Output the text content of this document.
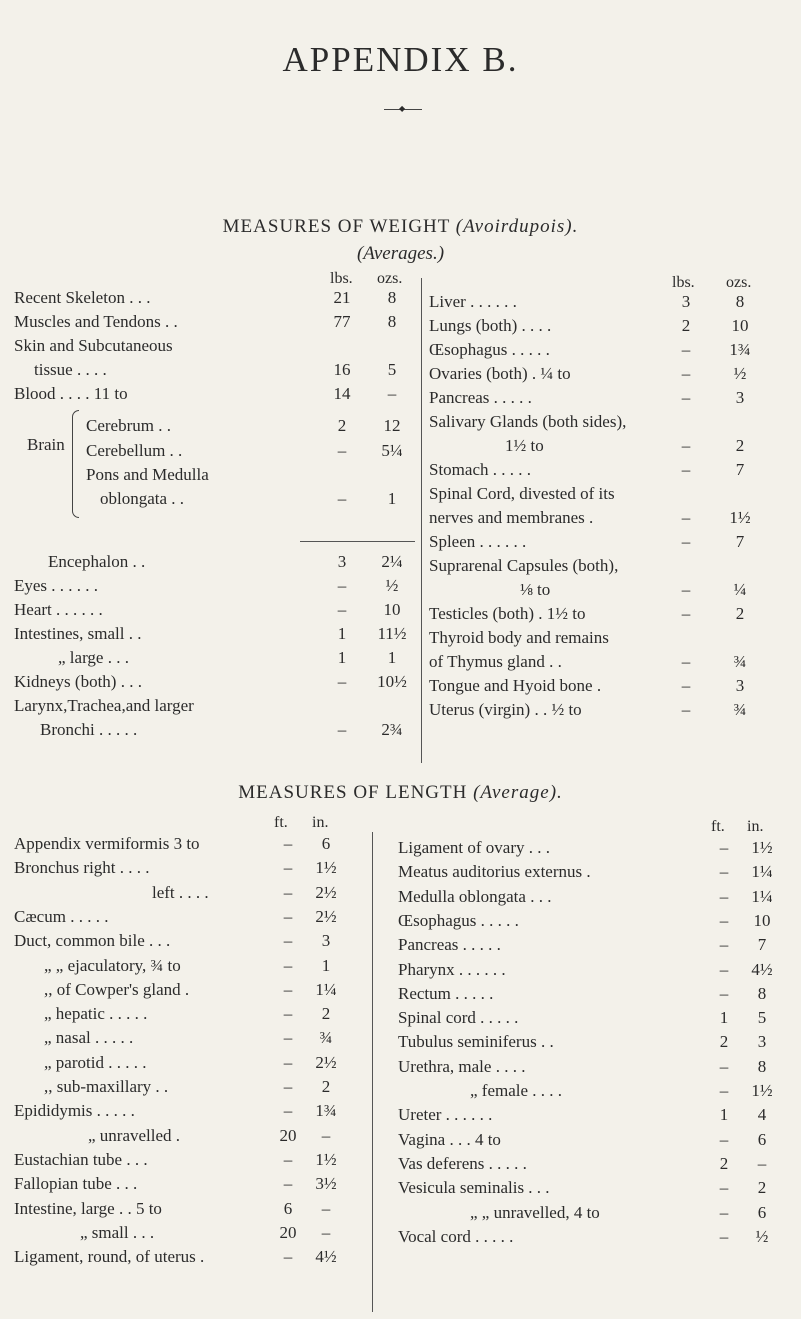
APPENDIX B.
◆
MEASURES OF WEIGHT (Avoirdupois).
(Averages.)
lbs. ozs.	lbs. ozs.
Recent Skeleton . . .	21	8
Muscles and Tendons . .	77	8
Skin and Subcutaneous
tissue . . . .	16	5
Blood . . . . 11 to	14	–
Cerebrum . .	2	12
Cerebellum . .	–	5¼
Pons and Medulla
oblongata . .	–	1
Encephalon . .	3	2¼
Eyes . . . . . .	–	½
Heart . . . . . .	–	10
Intestines, small . .	1	11½
„ large . . .	1	1
Kidneys (both) . . .	–	10½
Larynx,Trachea,and larger
Bronchi . . . . .	–	2¾
Liver . . . . . .	3	8
Lungs (both) . . . .	2	10
Œsophagus . . . . .	–	1¾
Ovaries (both) . ¼ to	–	½
Pancreas . . . . .	–	3
Salivary Glands (both sides),
1½ to	–	2
Stomach . . . . .	–	7
Spinal Cord, divested of its
nerves and membranes .	–	1½
Spleen . . . . . .	–	7
Suprarenal Capsules (both),
⅛ to	–	¼
Testicles (both) . 1½ to	–	2
Thyroid body and remains
of Thymus gland . .	–	¾
Tongue and Hyoid bone .	–	3
Uterus (virgin) . . ½ to	–	¾
Brain
MEASURES OF LENGTH (Average).
ft. in.	ft. in.
Appendix vermiformis 3 to	–	6
Bronchus right . . . .	–	1½
left . . . .	–	2½
Cæcum . . . . .	–	2½
Duct, common bile . . .	–	3
„ „ ejaculatory, ¾ to	–	1
,, of Cowper's gland .	–	1¼
„ hepatic . . . . .	–	2
„ nasal . . . . .	–	¾
„ parotid . . . . .	–	2½
,, sub-maxillary . .	–	2
Epididymis . . . . .	–	1¾
„ unravelled .	20	–
Eustachian tube . . .	–	1½
Fallopian tube . . .	–	3½
Intestine, large . . 5 to	6	–
„ small . . .	20	–
Ligament, round, of uterus .	–	4½
Ligament of ovary . . .	–	1½
Meatus auditorius externus .	–	1¼
Medulla oblongata . . .	–	1¼
Œsophagus . . . . .	–	10
Pancreas . . . . .	–	7
Pharynx . . . . . .	–	4½
Rectum . . . . .	–	8
Spinal cord . . . . .	1	5
Tubulus seminiferus . .	2	3
Urethra, male . . . .	–	8
„ female . . . .	–	1½
Ureter . . . . . .	1	4
Vagina . . . 4 to	–	6
Vas deferens . . . . .	2	–
Vesicula seminalis . . .	–	2
„ „ unravelled, 4 to	–	6
Vocal cord . . . . .	–	½
